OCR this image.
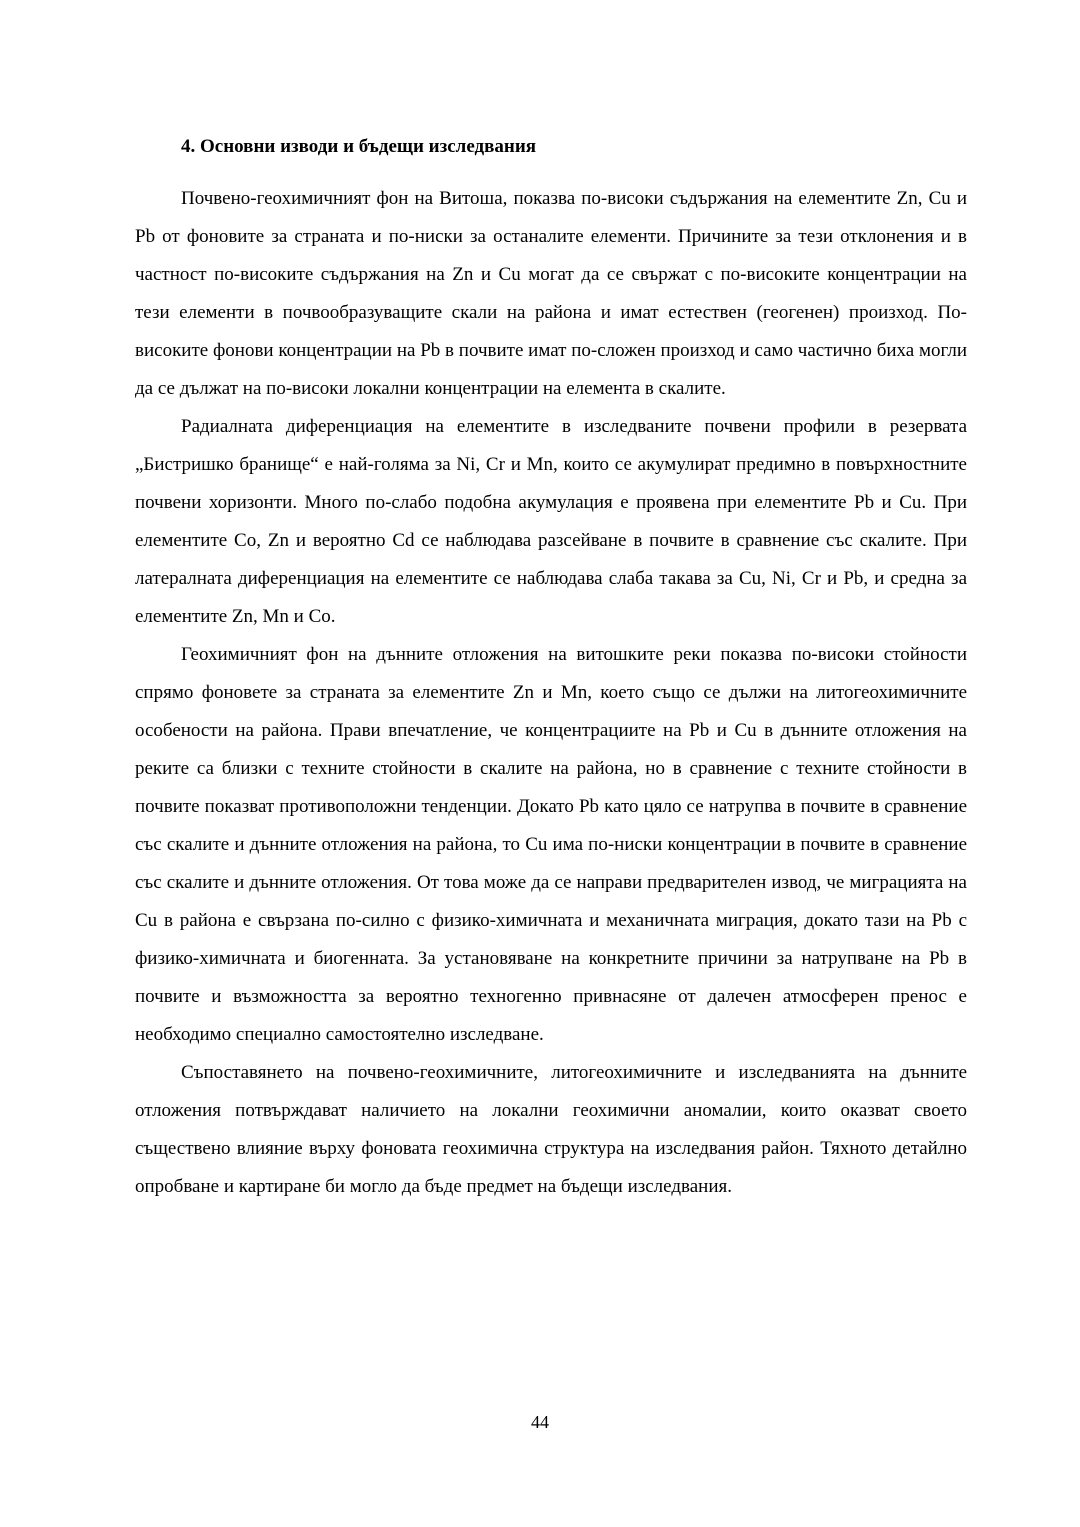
4. Основни изводи и бъдещи изследвания

Почвено-геохимичният фон на Витоша, показва по-високи съдържания на елементите Zn, Cu и Pb от фоновите за страната и по-ниски за останалите елементи. Причините за тези отклонения и в частност по-високите съдържания на Zn и Cu могат да се свържат с по-високите концентрации на тези елементи в почвообразуващите скали на района и имат естествен (геогенен) произход. По-високите фонови концентрации на Pb в почвите имат по-сложен произход и само частично биха могли да се дължат на по-високи локални концентрации на елемента в скалите.

Радиалната диференциация на елементите в изследваните почвени профили в резервата „Бистришко бранище“ е най-голяма за Ni, Cr и Mn, които се акумулират предимно в повърхностните почвени хоризонти. Много по-слабо подобна акумулация е проявена при елементите Pb и Cu. При елементите Co, Zn и вероятно Cd се наблюдава разсейване в почвите в сравнение със скалите. При латералната диференциация на елементите се наблюдава слаба такава за Cu, Ni, Cr и Pb, и средна за елементите Zn, Mn и Co.

Геохимичният фон на дънните отложения на витошките реки показва по-високи стойности спрямо фоновете за страната за елементите Zn и Mn, което също се дължи на литогеохимичните особености на района. Прави впечатление, че концентрациите на Pb и Cu в дънните отложения на реките са близки с техните стойности в скалите на района, но в сравнение с техните стойности в почвите показват противоположни тенденции. Докато Pb като цяло се натрупва в почвите в сравнение със скалите и дънните отложения на района, то Cu има по-ниски концентрации в почвите в сравнение със скалите и дънните отложения. От това може да се направи предварителен извод, че миграцията на Cu в района е свързана по-силно с физико-химичната и механичната миграция, докато тази на Pb с физико-химичната и биогенната. За установяване на конкретните причини за натрупване на Pb в почвите и възможността за вероятно техногенно привнасяне от далечен атмосферен пренос е необходимо специално самостоятелно изследване.

Съпоставянето на почвено-геохимичните, литогеохимичните и изследванията на дънните отложения потвърждават наличието на локални геохимични аномалии, които оказват своето съществено влияние върху фоновата геохимична структура на изследвания район. Тяхното детайлно опробване и картиране би могло да бъде предмет на бъдещи изследвания.

44
